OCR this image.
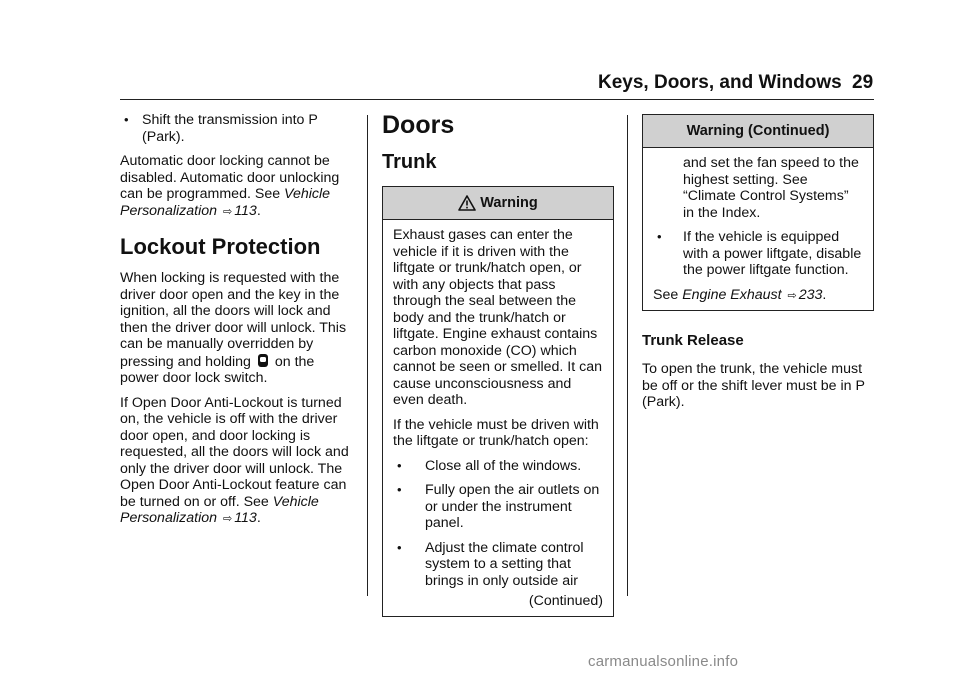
Keys, Doors, and Windows 29
• Shift the transmission into P (Park).

Automatic door locking cannot be disabled. Automatic door unlocking can be programmed. See Vehicle Personalization ⇨ 113.

Lockout Protection

When locking is requested with the driver door open and the key in the ignition, all the doors will lock and then the driver door will unlock. This can be manually overridden by pressing and holding on the power door lock switch.

If Open Door Anti-Lockout is turned on, the vehicle is off with the driver door open, and door locking is requested, all the doors will lock and only the driver door will unlock. The Open Door Anti-Lockout feature can be turned on or off. See Vehicle Personalization ⇨ 113.

Doors
Trunk
Warning

Exhaust gases can enter the vehicle if it is driven with the liftgate or trunk/hatch open, or with any objects that pass through the seal between the body and the trunk/hatch or liftgate. Engine exhaust contains carbon monoxide (CO) which cannot be seen or smelled. It can cause unconsciousness and even death.

If the vehicle must be driven with the liftgate or trunk/hatch open:

• Close all of the windows.
• Fully open the air outlets on or under the instrument panel.
• Adjust the climate control system to a setting that brings in only outside air
(Continued)
Warning (Continued)

and set the fan speed to the highest setting. See “Climate Control Systems” in the Index.

• If the vehicle is equipped with a power liftgate, disable the power liftgate function.

See Engine Exhaust ⇨ 233.

Trunk Release

To open the trunk, the vehicle must be off or the shift lever must be in P (Park).

carmanualsonline.info
